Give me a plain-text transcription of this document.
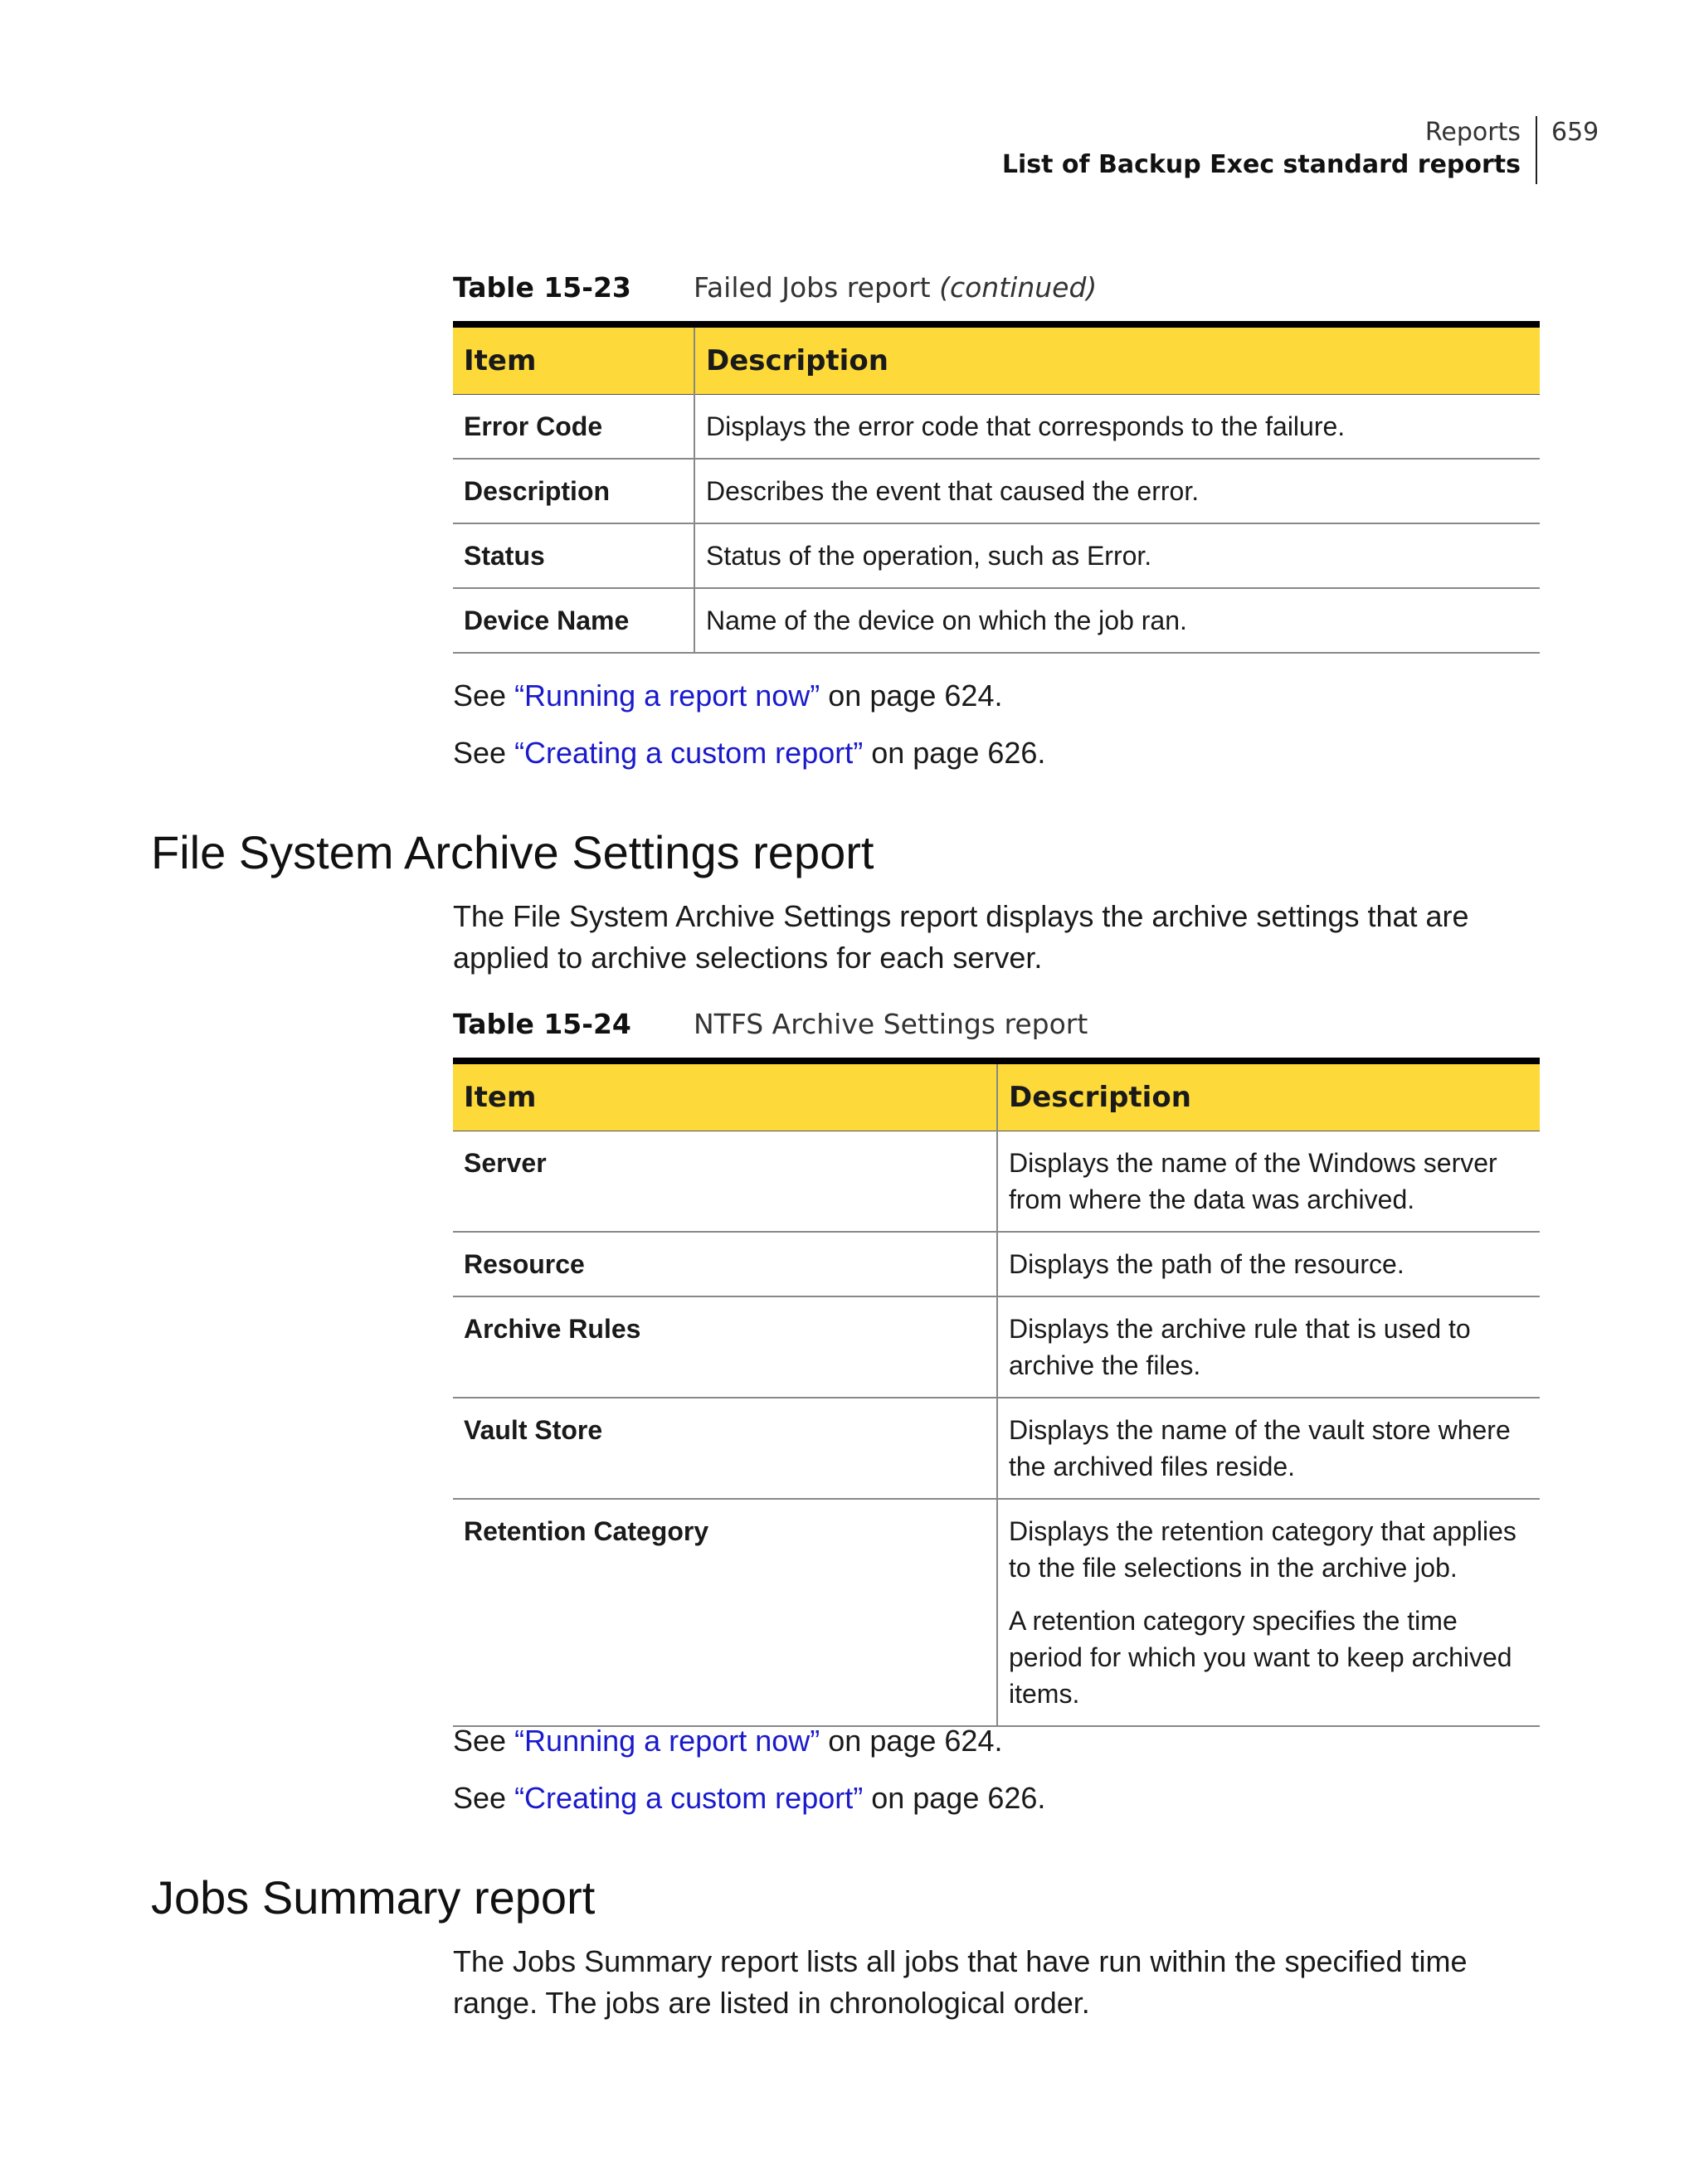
Reports
List of Backup Exec standard reports
659
Table 15-23	Failed Jobs report (continued)
Item	Description
Error Code	Displays the error code that corresponds to the failure.
Description	Describes the event that caused the error.
Status	Status of the operation, such as Error.
Device Name	Name of the device on which the job ran.

See “Running a report now” on page 624.

See “Creating a custom report” on page 626.

File System Archive Settings report

The File System Archive Settings report displays the archive settings that are applied to archive selections for each server.

Table 15-24	NTFS Archive Settings report
Item	Description
Server	Displays the name of the Windows server from where the data was archived.

Resource	Displays the path of the resource.

Archive Rules	Displays the archive rule that is used to archive the files.

Vault Store	Displays the name of the vault store where the archived files reside.

Retention Category	Displays the retention category that applies to the file selections in the archive job.

A retention category specifies the time period for which you want to keep archived items.

See “Running a report now” on page 624.

See “Creating a custom report” on page 626.

Jobs Summary report

The Jobs Summary report lists all jobs that have run within the specified time range. The jobs are listed in chronological order.
